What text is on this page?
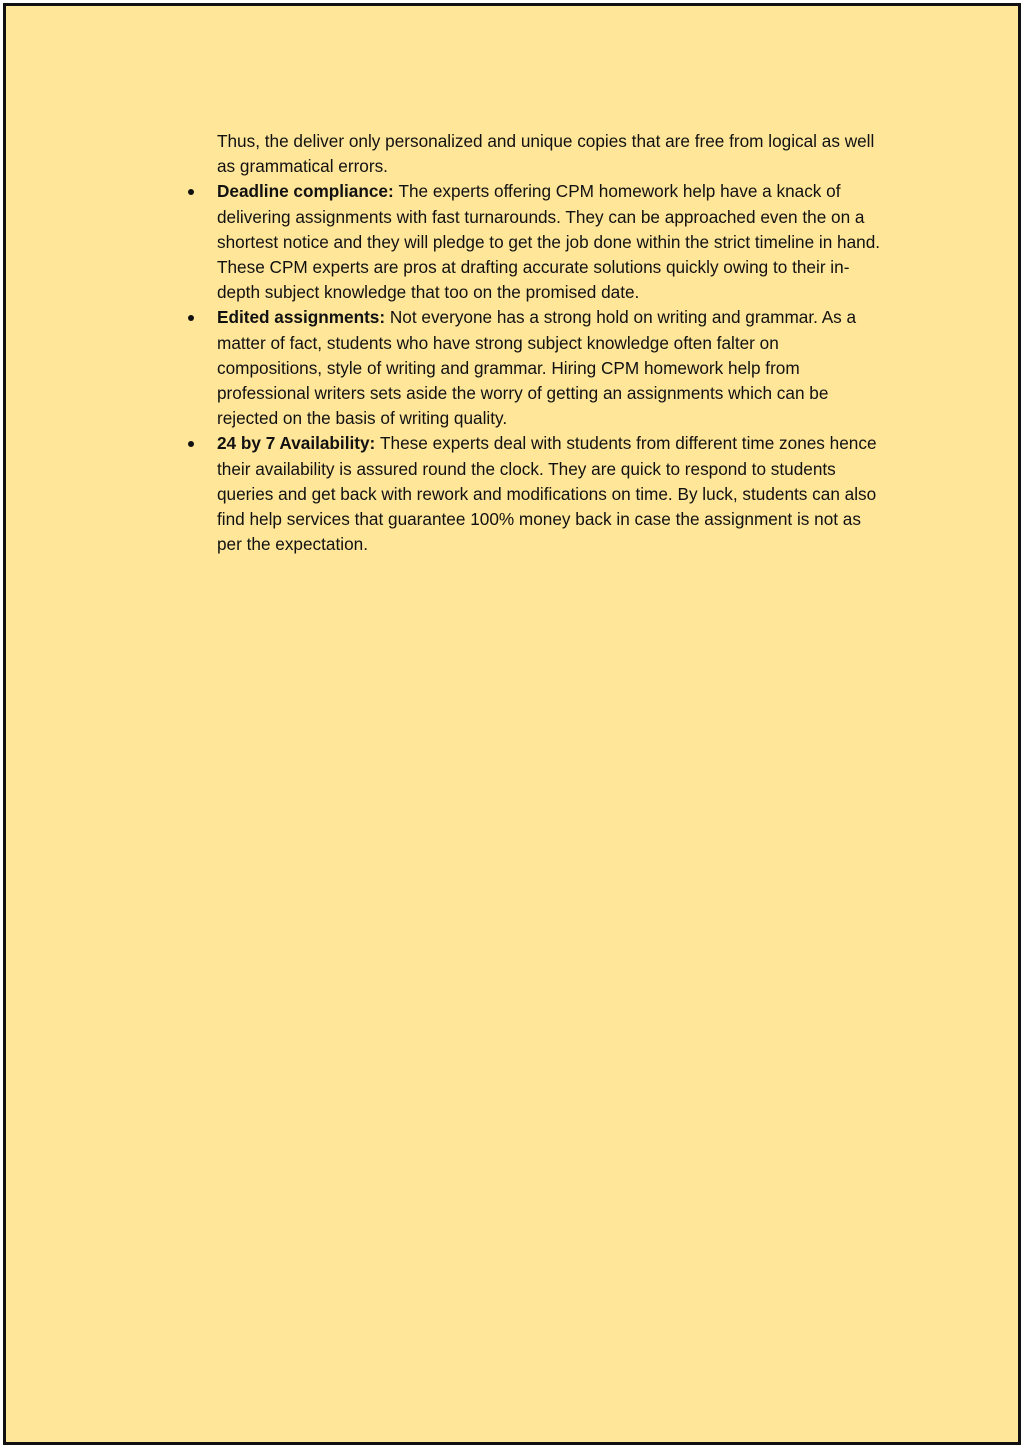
Thus, the deliver only personalized and unique copies that are free from logical as well as grammatical errors.

Deadline compliance: The experts offering CPM homework help have a knack of delivering assignments with fast turnarounds. They can be approached even the on a shortest notice and they will pledge to get the job done within the strict timeline in hand. These CPM experts are pros at drafting accurate solutions quickly owing to their in-depth subject knowledge that too on the promised date.
Edited assignments: Not everyone has a strong hold on writing and grammar. As a matter of fact, students who have strong subject knowledge often falter on compositions, style of writing and grammar. Hiring CPM homework help from professional writers sets aside the worry of getting an assignments which can be rejected on the basis of writing quality.
24 by 7 Availability: These experts deal with students from different time zones hence their availability is assured round the clock. They are quick to respond to students queries and get back with rework and modifications on time. By luck, students can also find help services that guarantee 100% money back in case the assignment is not as per the expectation.
